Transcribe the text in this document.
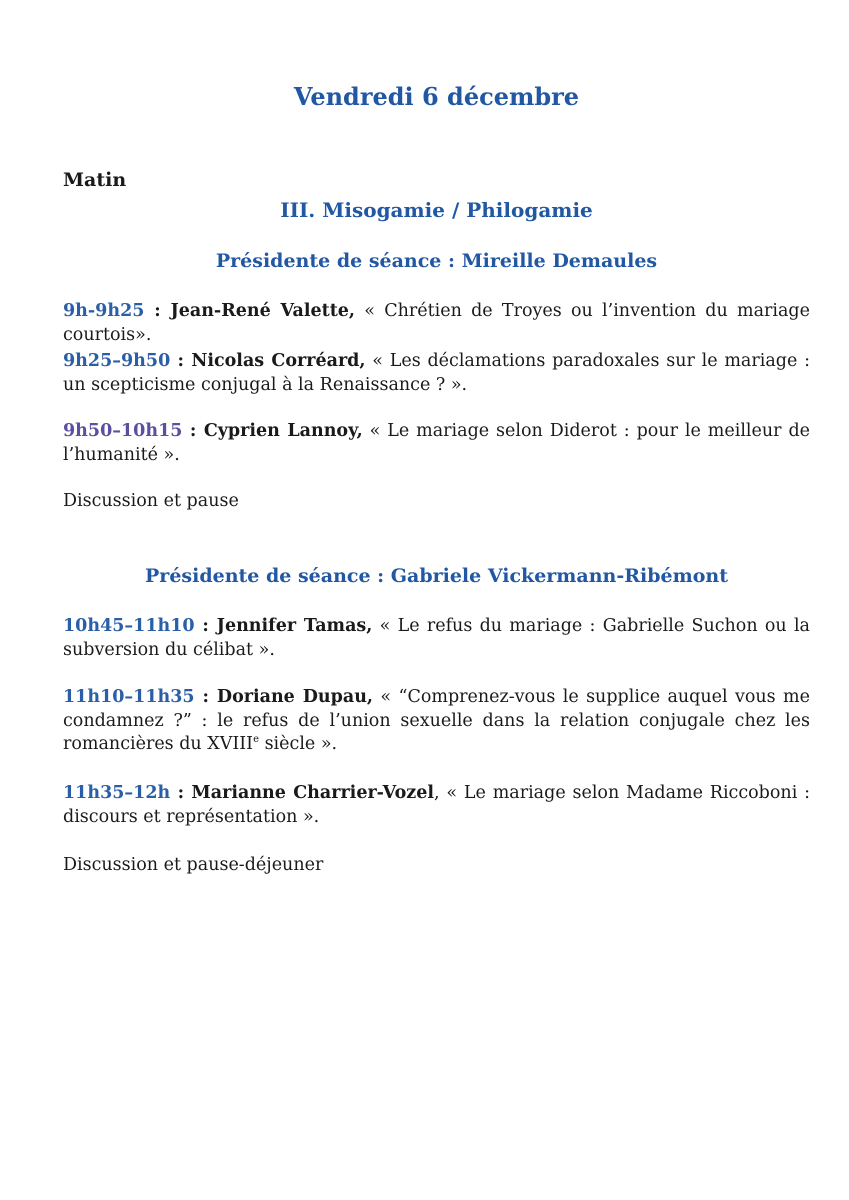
Vendredi 6 décembre

Matin

III. Misogamie / Philogamie
Présidente de séance : Mireille Demaules

9h-9h25 : Jean-René Valette, « Chrétien de Troyes ou l’invention du mariage courtois».

9h25–9h50 : Nicolas Corréard, « Les déclamations paradoxales sur le mariage : un scepticisme conjugal à la Renaissance ? ».

9h50–10h15 : Cyprien Lannoy, « Le mariage selon Diderot : pour le meilleur de l’humanité ».

Discussion et pause

Présidente de séance : Gabriele Vickermann-Ribémont

10h45–11h10 : Jennifer Tamas, « Le refus du mariage : Gabrielle Suchon ou la subversion du célibat ».

11h10–11h35 : Doriane Dupau, « “Comprenez-vous le supplice auquel vous me condamnez ?” : le refus de l’union sexuelle dans la relation conjugale chez les romancières du XVIIIe siècle ».

11h35–12h : Marianne Charrier-Vozel, « Le mariage selon Madame Riccoboni : discours et représentation ».

Discussion et pause-déjeuner
